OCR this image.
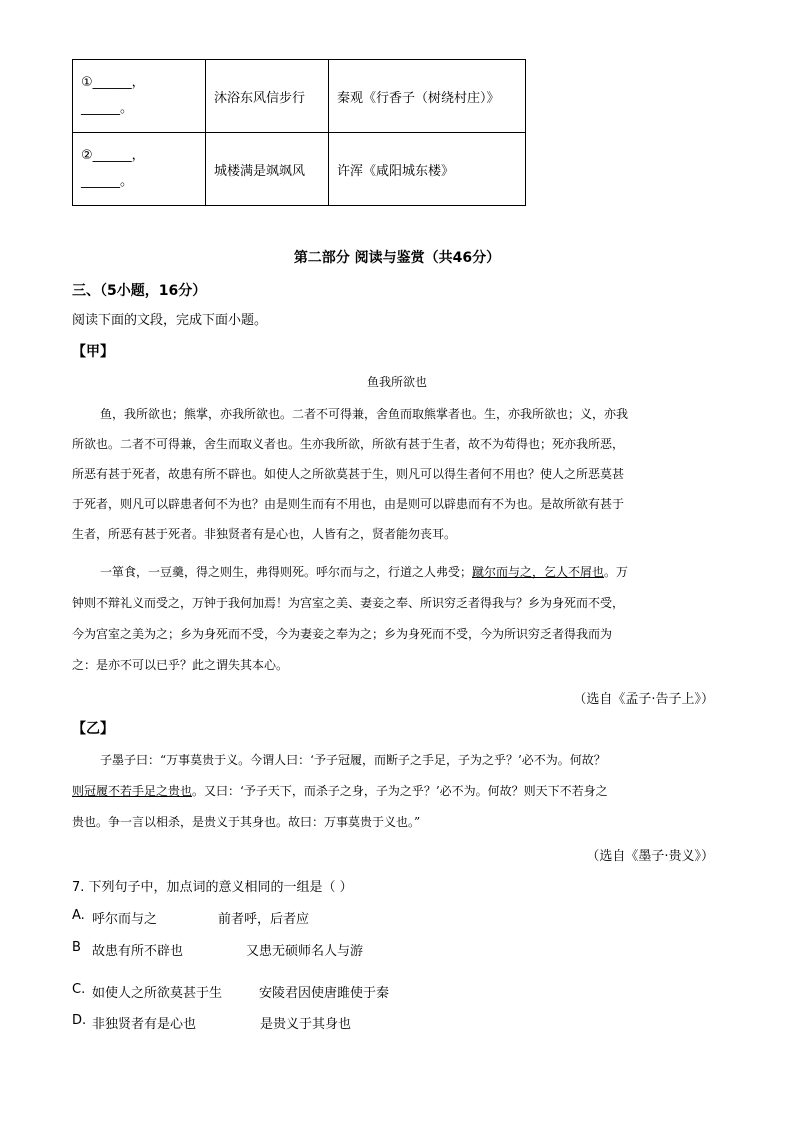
①______，
______。	沐浴东风信步行	秦观《行香子（树绕村庄）》

②______，
______。	城楼满是飒飒风	许浑《咸阳城东楼》
第二部分 阅读与鉴赏（共46分）
三、（5小题，16分）
阅读下面的文段，完成下面小题。
【甲】
鱼我所欲也
鱼，我所欲也；熊掌，亦我所欲也。二者不可得兼，舍鱼而取熊掌者也。生，亦我所欲也；义，亦我
所欲也。二者不可得兼，舍生而取义者也。生亦我所欲，所欲有甚于生者，故不为苟得也；死亦我所恶，
所恶有甚于死者，故患有所不辟也。如使人之所欲莫甚于生，则凡可以得生者何不用也？使人之所恶莫甚
于死者，则凡可以辟患者何不为也？由是则生而有不用也，由是则可以辟患而有不为也。是故所欲有甚于
生者，所恶有甚于死者。非独贤者有是心也，人皆有之，贤者能勿丧耳。
一箪食，一豆羹，得之则生，弗得则死。呼尔而与之，行道之人弗受；蹴尔而与之，乞人不屑也。万
钟则不辩礼义而受之，万钟于我何加焉！为宫室之美、妻妾之奉、所识穷乏者得我与？乡为身死而不受，
今为宫室之美为之；乡为身死而不受，今为妻妾之奉为之；乡为身死而不受，今为所识穷乏者得我而为
之：是亦不可以已乎？此之谓失其本心。
（选自《孟子·告子上》）
【乙】
子墨子曰：“万事莫贵于义。今谓人曰：‘予子冠履，而断子之手足，子为之乎？’必不为。何故？
则冠履不若手足之贵也。又曰：‘予子天下，而杀子之身，子为之乎？’必不为。何故？则天下不若身之
贵也。争一言以相杀，是贵义于其身也。故曰：万事莫贵于义也。”
（选自《墨子·贵义》）
7. 下列句子中，加点词的意义相同的一组是（ ）
A. 呼尔而与之	前者呼，后者应
B 故患有所不辟也	又患无硕师名人与游
C. 如使人之所欲莫甚于生	安陵君因使唐雎使于秦
D. 非独贤者有是心也	是贵义于其身也
